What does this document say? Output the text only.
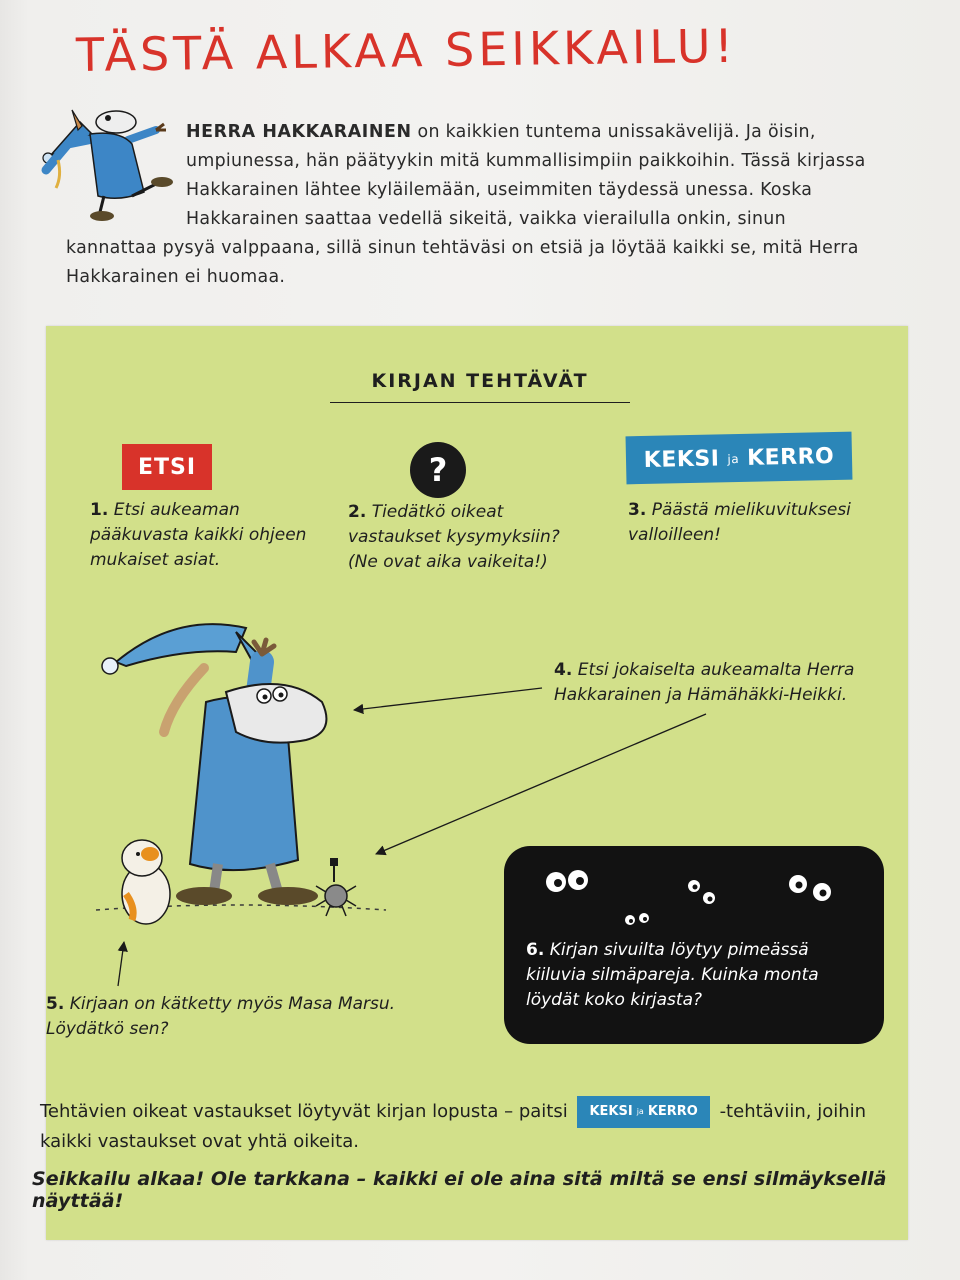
TÄSTÄ ALKAA SEIKKAILU!
HERRA HAKKARAINEN on kaikkien tuntema unissakävelijä. Ja öisin, umpiunessa, hän päätyykin mitä kummallisimpiin paikkoihin. Tässä kirjassa Hakkarainen lähtee kyläilemään, useimmiten täydessä unessa. Koska Hakkarainen saattaa vedellä sikeitä, vaikka vierailulla onkin, sinun kannattaa pysyä valppaana, sillä sinun tehtäväsi on etsiä ja löytää kaikki se, mitä Herra Hakkarainen ei huomaa.
KIRJAN TEHTÄVÄT
ETSI	?	KEKSI ja KERRO
1. Etsi aukeaman pääkuvasta kaikki ohjeen mukaiset asiat.
2. Tiedätkö oikeat vastaukset kysymyksiin? (Ne ovat aika vaikeita!)
3. Päästä mielikuvituksesi valloilleen!
4. Etsi jokaiselta aukeamalta Herra Hakkarainen ja Hämähäkki-Heikki.
6. Kirjan sivuilta löytyy pimeässä kiiluvia silmäpareja. Kuinka monta löydät koko kirjasta?
5. Kirjaan on kätketty myös Masa Marsu. Löydätkö sen?
Tehtävien oikeat vastaukset löytyvät kirjan lopusta – paitsi KEKSI ja KERRO -tehtäviin, joihin kaikki vastaukset ovat yhtä oikeita.
Seikkailu alkaa! Ole tarkkana – kaikki ei ole aina sitä miltä se ensi silmäyksellä näyttää!
